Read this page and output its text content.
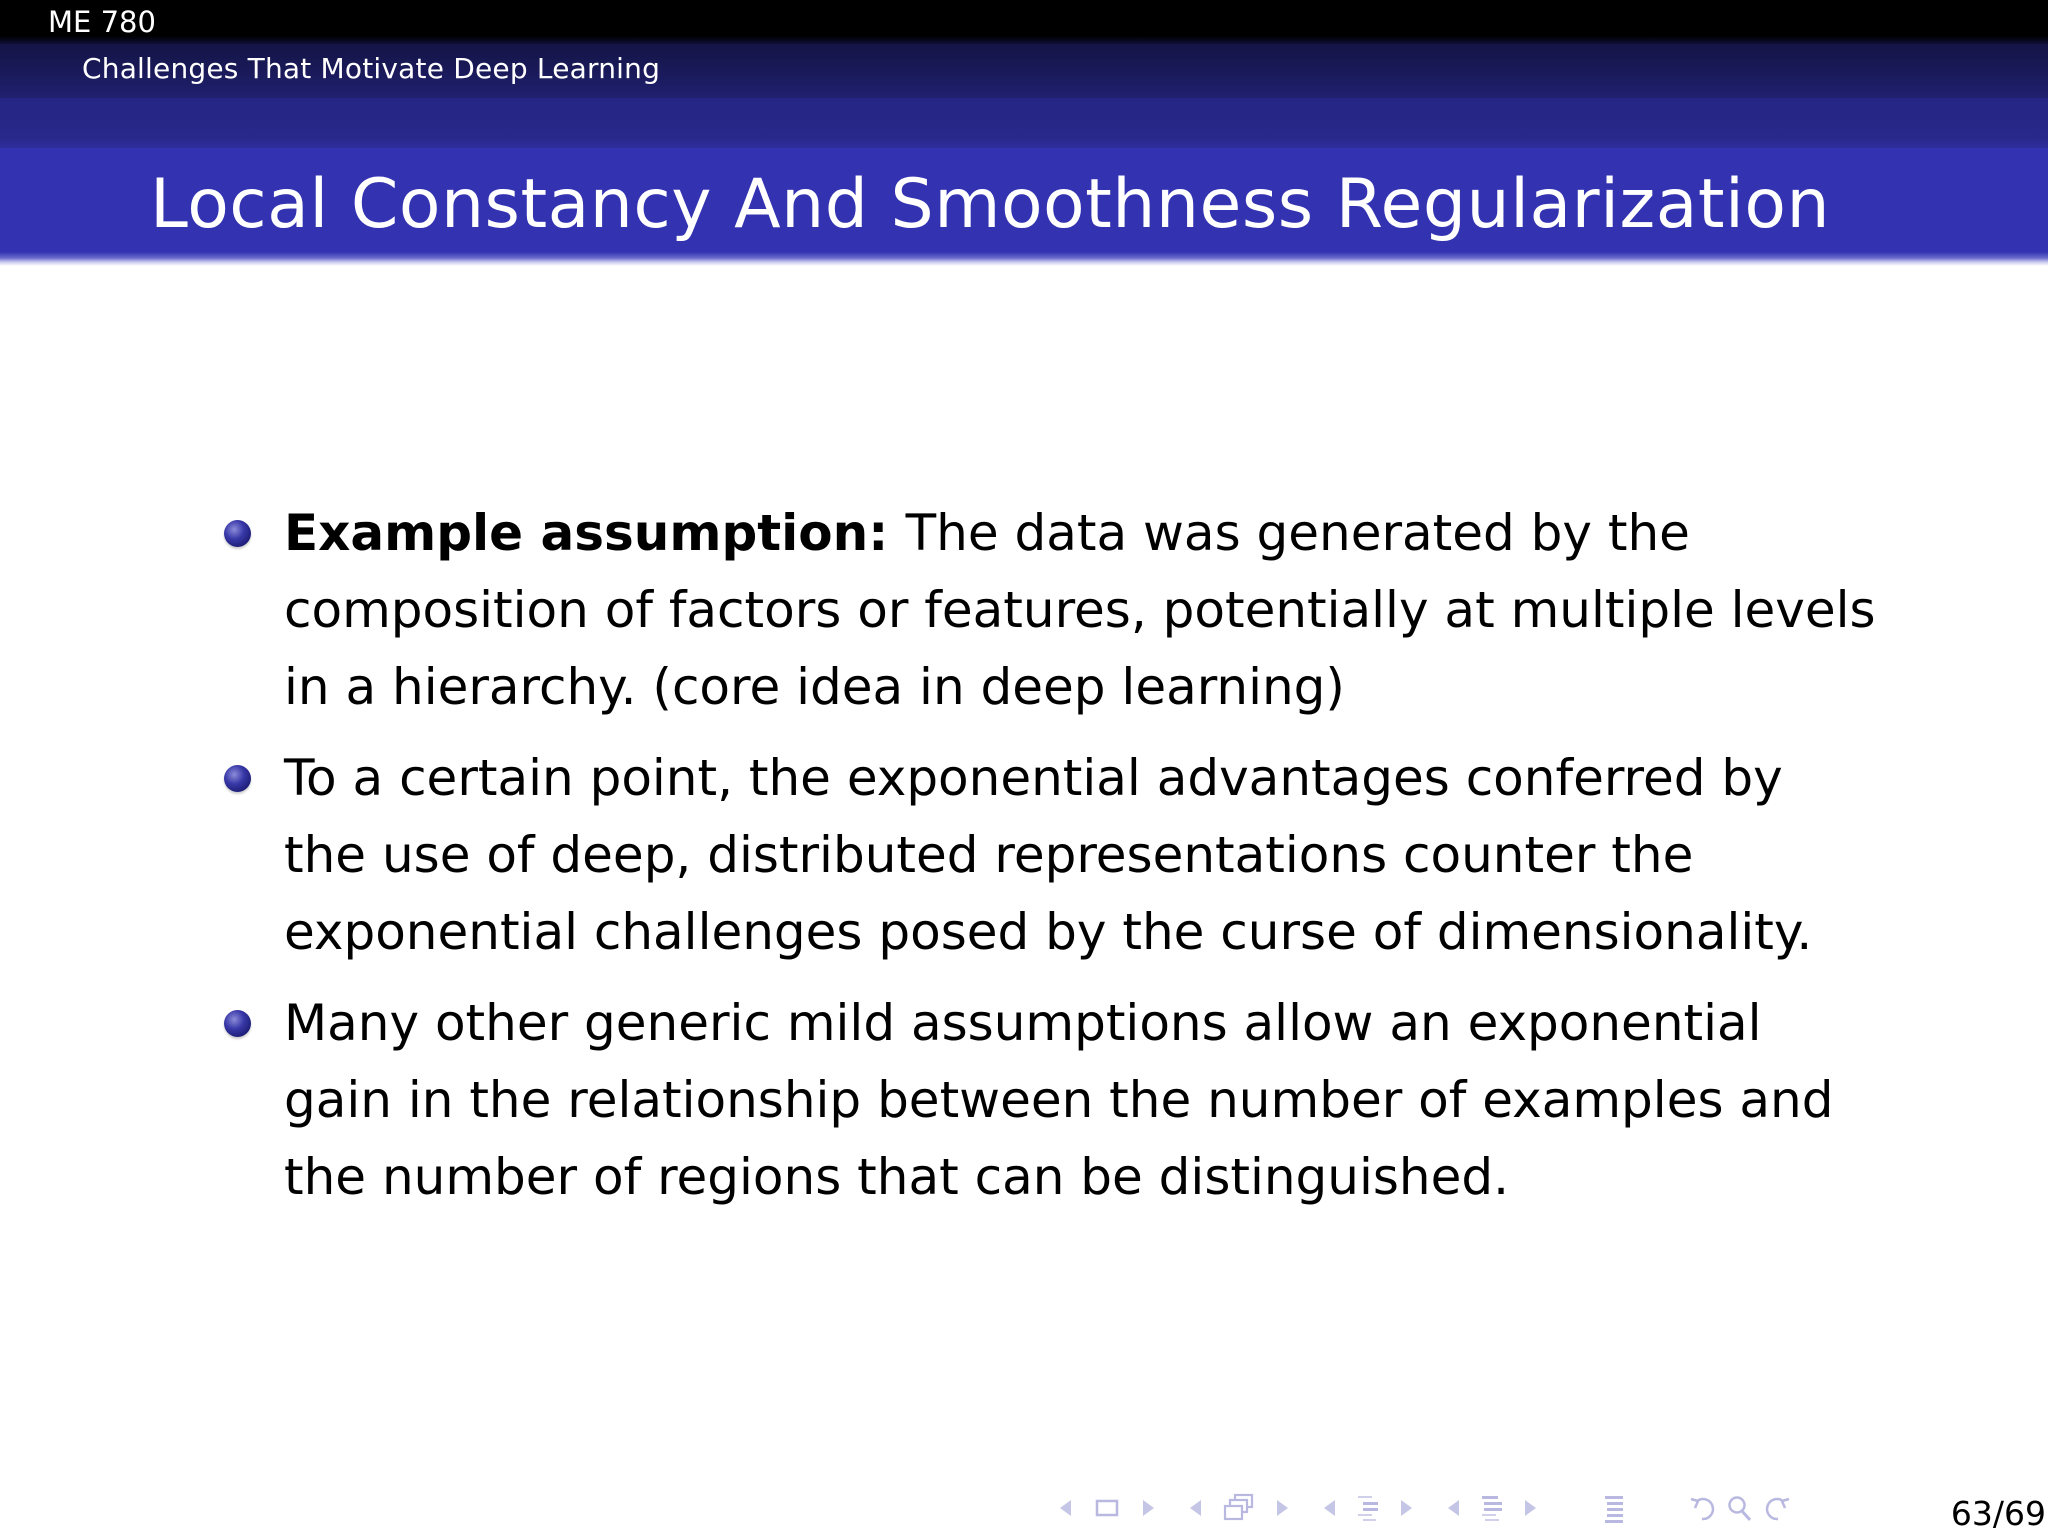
ME 780
Challenges That Motivate Deep Learning
Local Constancy And Smoothness Regularization
Example assumption: The data was generated by the composition of factors or features, potentially at multiple levels in a hierarchy. (core idea in deep learning)
To a certain point, the exponential advantages conferred by the use of deep, distributed representations counter the exponential challenges posed by the curse of dimensionality.
Many other generic mild assumptions allow an exponential gain in the relationship between the number of examples and the number of regions that can be distinguished.
63/69
